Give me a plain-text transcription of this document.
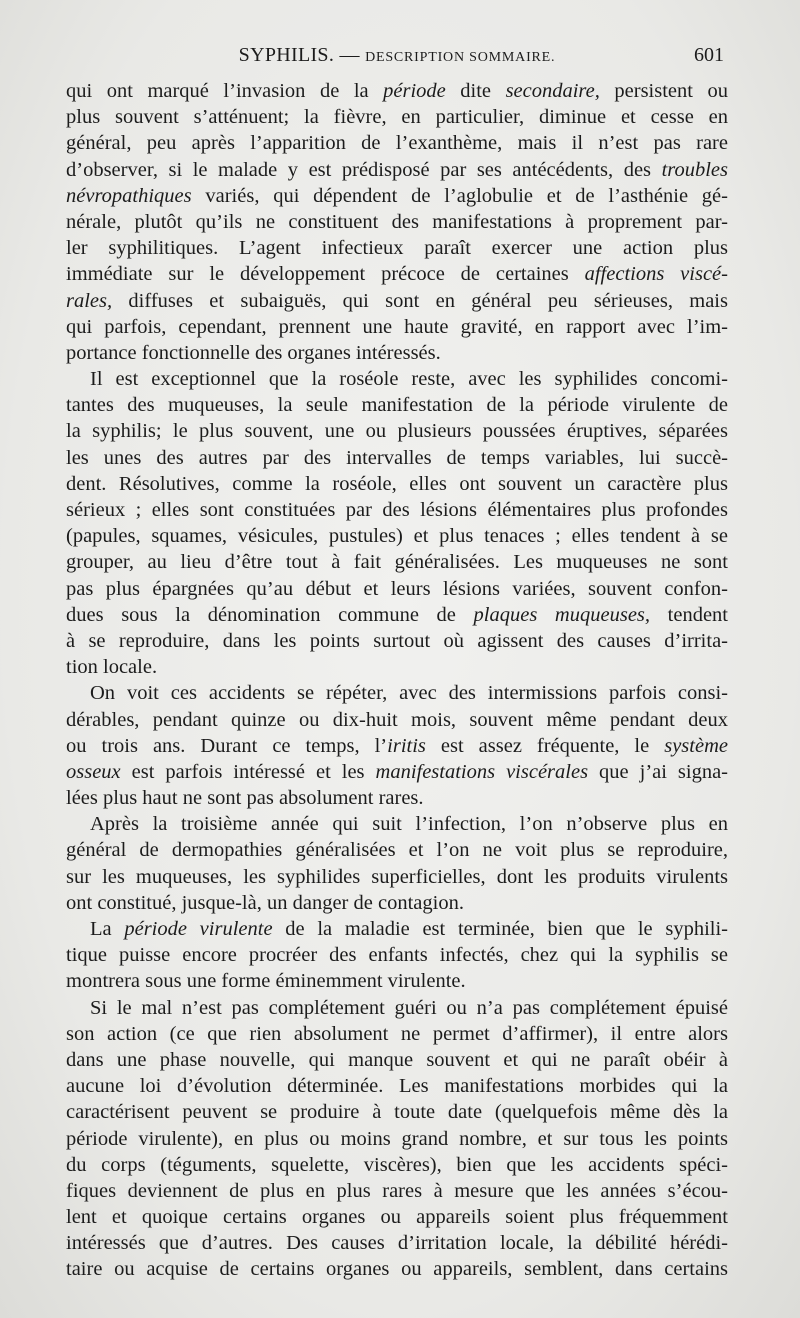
SYPHILIS. — DESCRIPTION SOMMAIRE.	601
qui ont marqué l’invasion de la période dite secondaire, persistent ou
plus souvent s’atténuent; la fièvre, en particulier, diminue et cesse en
général, peu après l’apparition de l’exanthème, mais il n’est pas rare
d’observer, si le malade y est prédisposé par ses antécédents, des troubles
névropathiques variés, qui dépendent de l’aglobulie et de l’asthénie gé-
nérale, plutôt qu’ils ne constituent des manifestations à proprement par-
ler syphilitiques. L’agent infectieux paraît exercer une action plus
immédiate sur le développement précoce de certaines affections viscé-
rales, diffuses et subaiguës, qui sont en général peu sérieuses, mais
qui parfois, cependant, prennent une haute gravité, en rapport avec l’im-
portance fonctionnelle des organes intéressés.
Il est exceptionnel que la roséole reste, avec les syphilides concomi-
tantes des muqueuses, la seule manifestation de la période virulente de
la syphilis; le plus souvent, une ou plusieurs poussées éruptives, séparées
les unes des autres par des intervalles de temps variables, lui succè-
dent. Résolutives, comme la roséole, elles ont souvent un caractère plus
sérieux ; elles sont constituées par des lésions élémentaires plus profondes
(papules, squames, vésicules, pustules) et plus tenaces ; elles tendent à se
grouper, au lieu d’être tout à fait généralisées. Les muqueuses ne sont
pas plus épargnées qu’au début et leurs lésions variées, souvent confon-
dues sous la dénomination commune de plaques muqueuses, tendent
à se reproduire, dans les points surtout où agissent des causes d’irrita-
tion locale.
On voit ces accidents se répéter, avec des intermissions parfois consi-
dérables, pendant quinze ou dix-huit mois, souvent même pendant deux
ou trois ans. Durant ce temps, l’iritis est assez fréquente, le système
osseux est parfois intéressé et les manifestations viscérales que j’ai signa-
lées plus haut ne sont pas absolument rares.
Après la troisième année qui suit l’infection, l’on n’observe plus en
général de dermopathies généralisées et l’on ne voit plus se reproduire,
sur les muqueuses, les syphilides superficielles, dont les produits virulents
ont constitué, jusque-là, un danger de contagion.
La période virulente de la maladie est terminée, bien que le syphili-
tique puisse encore procréer des enfants infectés, chez qui la syphilis se
montrera sous une forme éminemment virulente.
Si le mal n’est pas complétement guéri ou n’a pas complétement épuisé
son action (ce que rien absolument ne permet d’affirmer), il entre alors
dans une phase nouvelle, qui manque souvent et qui ne paraît obéir à
aucune loi d’évolution déterminée. Les manifestations morbides qui la
caractérisent peuvent se produire à toute date (quelquefois même dès la
période virulente), en plus ou moins grand nombre, et sur tous les points
du corps (téguments, squelette, viscères), bien que les accidents spéci-
fiques deviennent de plus en plus rares à mesure que les années s’écou-
lent et quoique certains organes ou appareils soient plus fréquemment
intéressés que d’autres. Des causes d’irritation locale, la débilité hérédi-
taire ou acquise de certains organes ou appareils, semblent, dans certains
